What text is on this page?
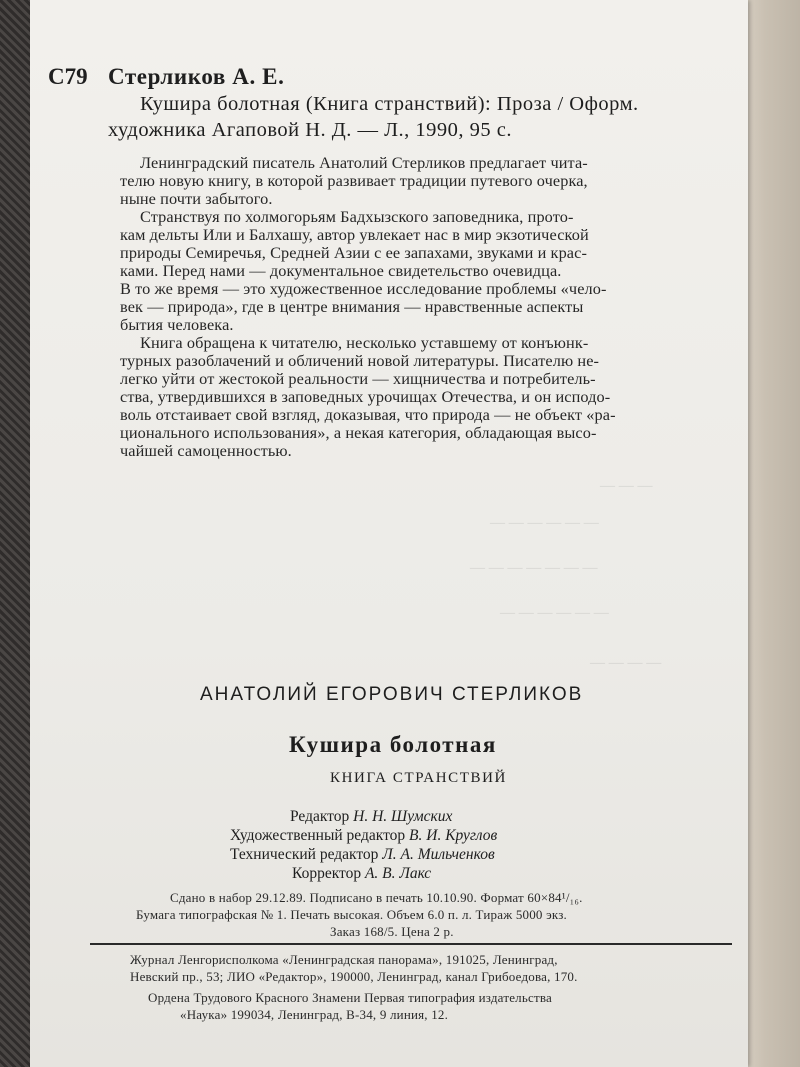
— — —
— — — — — —
— — — — — — —
— — — — — —
— — — —
С79 Стерликов А. Е.
Кушира болотная (Книга странствий): Проза / Оформ.
художника Агаповой Н. Д. — Л., 1990, 95 с.
Ленинградский писатель Анатолий Стерликов предлагает чита-
телю новую книгу, в которой развивает традиции путевого очерка,
ныне почти забытого.
Странствуя по холмогорьям Бадхызского заповедника, прото-
кам дельты Или и Балхашу, автор увлекает нас в мир экзотической
природы Семиречья, Средней Азии с ее запахами, звуками и крас-
ками. Перед нами — документальное свидетельство очевидца.
В то же время — это художественное исследование проблемы «чело-
век — природа», где в центре внимания — нравственные аспекты
бытия человека.
Книга обращена к читателю, несколько уставшему от конъюнк-
турных разоблачений и обличений новой литературы. Писателю не-
легко уйти от жестокой реальности — хищничества и потребитель-
ства, утвердившихся в заповедных урочищах Отечества, и он исподо-
воль отстаивает свой взгляд, доказывая, что природа — не объект «ра-
ционального использования», а некая категория, обладающая высо-
чайшей самоценностью.
АНАТОЛИЙ ЕГОРОВИЧ СТЕРЛИКОВ
Кушира болотная
КНИГА СТРАНСТВИЙ
Редактор Н. Н. Шумских
Художественный редактор В. И. Круглов
Технический редактор Л. А. Мильченков
Корректор А. В. Лакс
Сдано в набор 29.12.89. Подписано в печать 10.10.90. Формат 60×84¹/₁₆.
Бумага типографская № 1. Печать высокая. Объем 6.0 п. л. Тираж 5000 экз.
Заказ 168/5. Цена 2 р.
Журнал Ленгорисполкома «Ленинградская панорама», 191025, Ленинград,
Невский пр., 53; ЛИО «Редактор», 190000, Ленинград, канал Грибоедова, 170.
Ордена Трудового Красного Знамени Первая типография издательства
«Наука» 199034, Ленинград, В-34, 9 линия, 12.
